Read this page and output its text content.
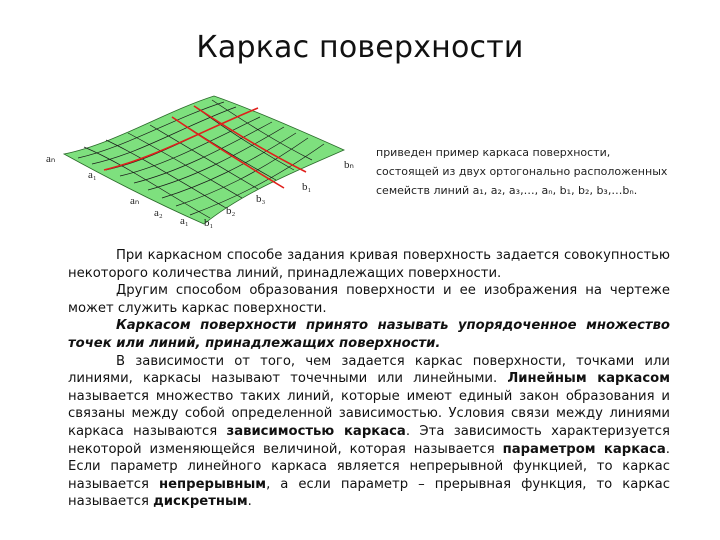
Каркас поверхности
aₙ
a₁
aₙ
a₂
a₁ b₁
b₂
b₃
b₁
bₙ
приведен пример каркаса поверхности,
состоящей из двух ортогонально расположенных
семейств линий a₁, a₂, a₃,…, aₙ, b₁, b₂, b₃,…bₙ.

При каркасном способе задания кривая поверхность задается совокупностью некоторого количества линий, принадлежащих поверхности.

Другим способом образования поверхности и ее изображения на чертеже может служить каркас поверхности.

Каркасом поверхности принято называть упорядоченное множество точек или линий, принадлежащих поверхности.

В зависимости от того, чем задается каркас поверхности, точками или линиями, каркасы называют точечными или линейными. Линейным каркасом называется множество таких линий, которые имеют единый закон образования и связаны между собой определенной зависимостью. Условия связи между линиями каркаса называются зависимостью каркаса. Эта зависимость характеризуется некоторой изменяющейся величиной, которая называется параметром каркаса. Если параметр линейного каркаса является непрерывной функцией, то каркас называется непрерывным, а если параметр – прерывная функция, то каркас называется дискретным.
